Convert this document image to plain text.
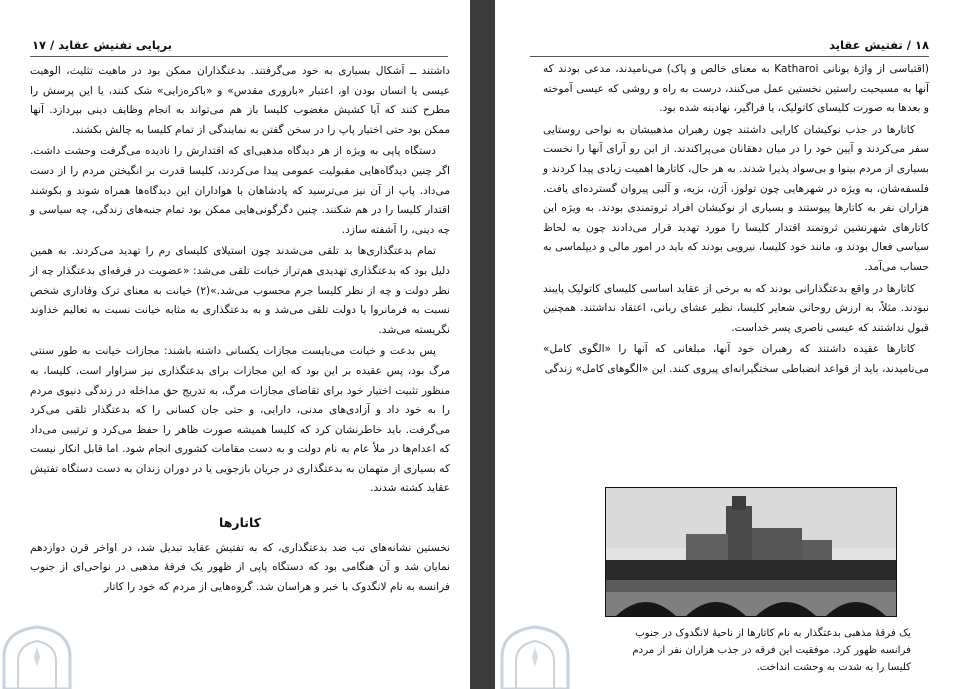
برپایی تفتیش عقاید / ۱۷

داشتند ــ اَشکال بسیاری به خود می‌گرفتند. بدعتگذاران ممکن بود در ماهیت تثلیث، الوهیت عیسی یا انسان بودن او، اعتبار «باروری مقدس» و «باکره‌زایی» شک کنند، یا این پرسش را مطرح کنند که آیا کشیش مغضوب کلیسا باز هم می‌تواند به انجام وظایف دینی بپردازد. آنها ممکن بود حتی اختیار پاپ را در سخن گفتن به نمایندگی از تمام کلیسا به چالش بکشند.

دستگاه پاپی به ویژه از هر دیدگاه مذهبی‌ای که اقتدارش را نادیده می‌گرفت وحشت داشت. اگر چنین دیدگاه‌هایی مقبولیت عمومی پیدا می‌کردند، کلیسا قدرت بر انگیختن مردم را از دست می‌داد. پاپ از آن نیز می‌ترسید که پادشاهان با هواداران این دیدگاه‌ها همراه شوند و بکوشند اقتدار کلیسا را در هم شکنند. چنین دگرگونی‌هایی ممکن بود تمام جنبه‌های زندگی، چه سیاسی و چه دینی، را آشفته سازد.

تمام بدعتگذاری‌ها بد تلقی می‌شدند چون استیلای کلیسای رم را تهدید می‌کردند. به همین دلیل بود که بدعتگذاری تهدیدی هم‌تراز خیانت تلقی می‌شد: «عضویت در فرقه‌ای بدعتگذار چه از نظر دولت و چه از نظر کلیسا جرم محسوب می‌شد.»(۲) خیانت به معنای ترک وفاداری شخص نسبت به فرمانروا یا دولت تلقی می‌شد و به بدعتگذاری به مثابه خیانت نسبت به تعالیم خداوند نگریسته می‌شد.

پس بدعت و خیانت می‌بایست مجازات یکسانی داشته باشند: مجازات خیانت به طور سنتی مرگ بود، پس عقیده بر این بود که این مجازات برای بدعتگذاری نیز سزاوار است. کلیسا، به منظور تثبیت اختیار خود برای تقاضای مجازات مرگ، به تدریج حق مداخله در زندگی دنیوی مردم را به خود داد و آزادی‌های مدنی، دارایی، و حتی جان کسانی را که بدعتگذار تلقی می‌کرد می‌گرفت. باید خاطرنشان کرد که کلیسا همیشه صورت ظاهر را حفظ می‌کرد و ترتیبی می‌داد که اعدام‌ها در ملأ عام به نام دولت و به دست مقامات کشوری انجام شود. اما قابل انکار نیست که بسیاری از متهمان به بدعتگذاری در جریان بازجویی یا در دوران زندان به دست دستگاه تفتیش عقاید کشته شدند.

کاتارها

نخستین نشانه‌های تب ضد بدعتگذاری، که به تفتیش عقاید تبدیل شد، در اواخر قرن دوازدهم نمایان شد و آن هنگامی بود که دستگاه پاپی از ظهور یک فرقهٔ مذهبی در نواحی‌ای از جنوب فرانسه به نام لانگدوک با خبر و هراسان شد. گروه‌هایی از مردم که خود را کاتار

۱۸ / تفتیش عقاید

(اقتباسی از واژهٔ یونانی Katharoi به معنای خالص و پاک) می‌نامیدند، مدعی بودند که آنها به مسیحیت راستین نخستین عمل می‌کنند، درست به راه و روشی که عیسی آموخته و بعدها به صورت کلیسای کاتولیک، یا فراگیر، نهادینه شده بود.

کاتارها در جذب نوکیشان کارایی داشتند چون رهبران مذهبیشان به نواحی روستایی سفر می‌کردند و آیین خود را در میان دهقانان می‌پراکندند. از این رو آرای آنها را نخست بسیاری از مردم بینوا و بی‌سواد پذیرا شدند. به هر حال، کاتارها اهمیت زیادی پیدا کردند و فلسفه‌شان، به ویژه در شهرهایی چون تولوز، آژن، بزیه، و آلبی پیروان گسترده‌ای یافت. هزاران نفر به کاتارها پیوستند و بسیاری از نوکیشان افراد ثروتمندی بودند. به ویژه این کاتارهای شهرنشین ثروتمند اقتدار کلیسا را مورد تهدید قرار می‌دادند چون به لحاظ سیاسی فعال بودند و، مانند خود کلیسا، نیرویی بودند که باید در امور مالی و دیپلماسی به حساب می‌آمد.

کاتارها در واقع بدعتگذارانی بودند که به برخی از عقاید اساسی کلیسای کاتولیک پایبند نبودند. مثلاً، به ارزش روحانی شعایر کلیسا، نظیر عشای ربانی، اعتقاد نداشتند. همچنین قبول نداشتند که عیسی ناصری پسر خداست.

کاتارها عقیده داشتند که رهبران خود آنها، مبلغانی که آنها را «الگوی کامل» می‌نامیدند، باید از قواعد انضباطی سختگیرانه‌ای پیروی کنند. این «الگوهای کامل» زندگی

یک فرقهٔ مذهبی بدعتگذار به نام کاتارها از ناحیهٔ لانگدوک در جنوب فرانسه ظهور کرد. موفقیت این فرقه در جذب هزاران نفر از مردم کلیسا را به شدت به وحشت انداخت.
